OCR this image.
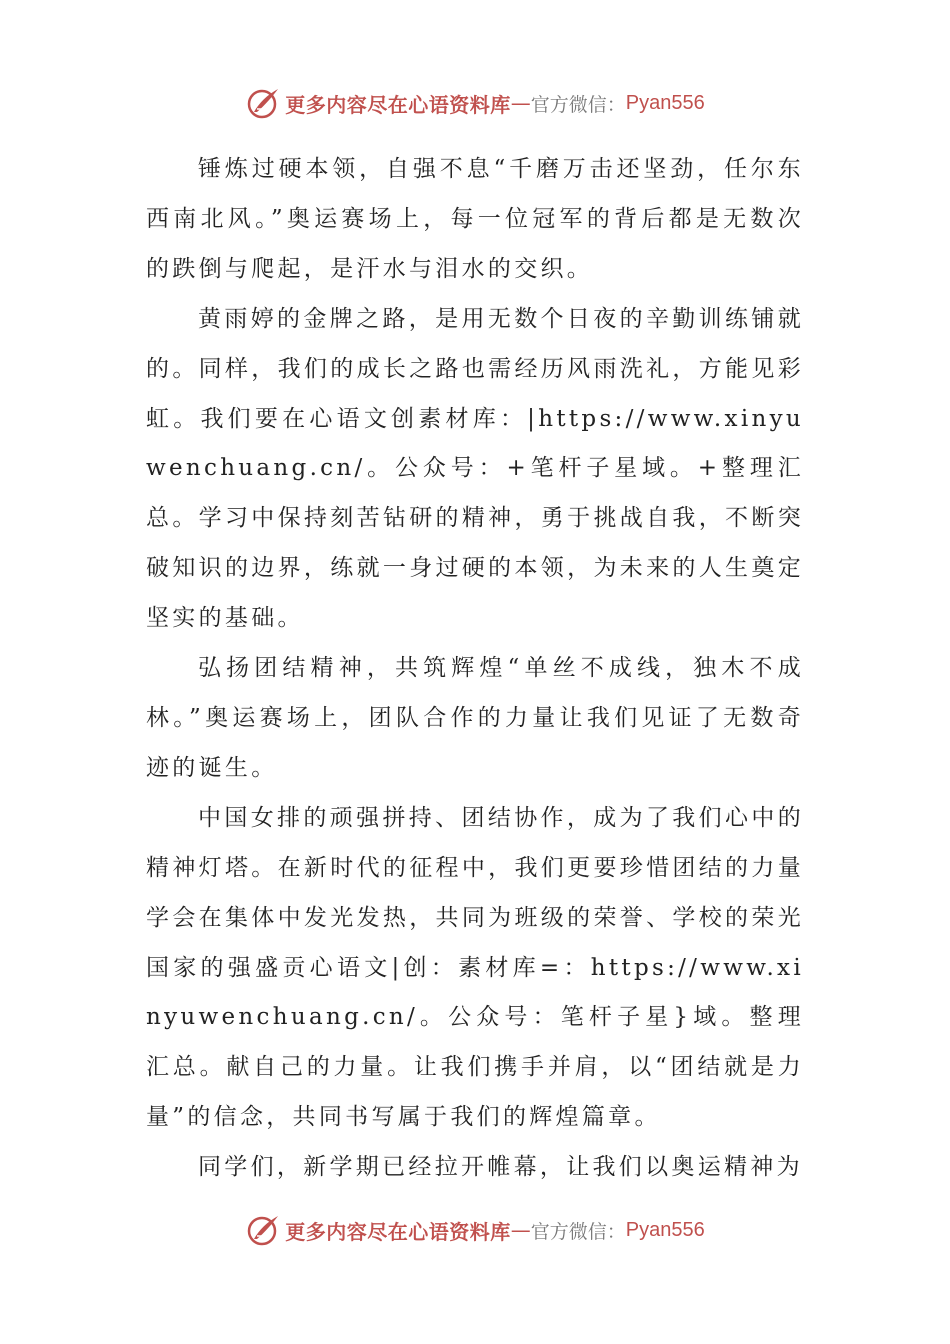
更多内容尽在心语资料库 — 官方微信： Pyan556

锤炼过硬本领，自强不息“千磨万击还坚劲，任尔东西南北风。”奥运赛场上，每一位冠军的背后都是无数次的跌倒与爬起，是汗水与泪水的交织。

黄雨婷的金牌之路，是用无数个日夜的辛勤训练铺就的。同样，我们的成长之路也需经历风雨洗礼，方能见彩虹。我们要在心语文创素材库：|https://www.xinyuwenchuang.cn/。公众号：+笔杆子星域。+整理汇总。学习中保持刻苦钻研的精神，勇于挑战自我，不断突破知识的边界，练就一身过硬的本领，为未来的人生奠定坚实的基础。

弘扬团结精神，共筑辉煌“单丝不成线，独木不成林。”奥运赛场上，团队合作的力量让我们见证了无数奇迹的诞生。

中国女排的顽强拼持、团结协作，成为了我们心中的精神灯塔。在新时代的征程中，我们更要珍惜团结的力量学会在集体中发光发热，共同为班级的荣誉、学校的荣光国家的强盛贡心语文|创：素材库=：https://www.xinyuwenchuang.cn/。公众号：笔杆子星}域。整理汇总。献自己的力量。让我们携手并肩，以“团结就是力量”的信念，共同书写属于我们的辉煌篇章。

同学们，新学期已经拉开帷幕，让我们以奥运精神为

更多内容尽在心语资料库 — 官方微信： Pyan556
